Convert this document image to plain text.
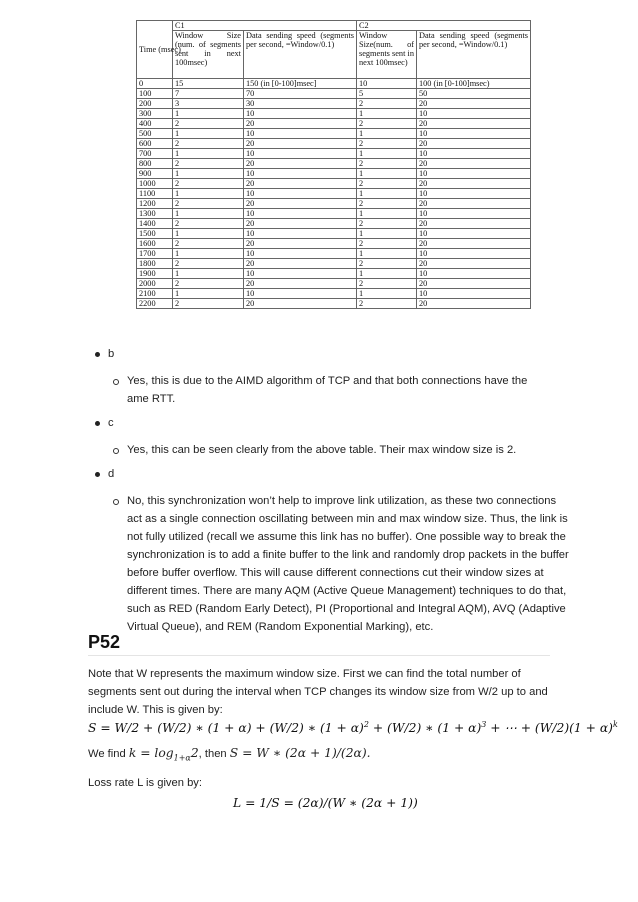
Time (msec)	C1		C2	
	Window Size (num. of segments sent in next 100msec)	Data sending speed (segments per second, =Window/0.1)	Window Size(num. of segments sent in next 100msec)	Data sending speed (segments per second, =Window/0.1)
0	15	150 (in [0-100]msec]	10	100 (in [0-100]msec)
100	7	70	5	50
200	3	30	2	20
300	1	10	1	10
400	2	20	2	20
500	1	10	1	10
600	2	20	2	20
700	1	10	1	10
800	2	20	2	20
900	1	10	1	10
1000	2	20	2	20
1100	1	10	1	10
1200	2	20	2	20
1300	1	10	1	10
1400	2	20	2	20
1500	1	10	1	10
1600	2	20	2	20
1700	1	10	1	10
1800	2	20	2	20
1900	1	10	1	10
2000	2	20	2	20
2100	1	10	1	10
2200	2	20	2	20
b
Yes, this is due to the AIMD algorithm of TCP and that both connections have the ame RTT.
c
Yes, this can be seen clearly from the above table. Their max window size is 2.
d
No, this synchronization won’t help to improve link utilization, as these two connections act as a single connection oscillating between min and max window size. Thus, the link is not fully utilized (recall we assume this link has no buffer). One possible way to break the synchronization is to add a finite buffer to the link and randomly drop packets in the buffer before buffer overflow. This will cause different connections cut their window sizes at different times. There are many AQM (Active Queue Management) techniques to do that, such as RED (Random Early Detect), PI (Proportional and Integral AQM), AVQ (Adaptive Virtual Queue), and REM (Random Exponential Marking), etc.
P52

Note that W represents the maximum window size. First we can find the total number of segments sent out during the interval when TCP changes its window size from W/2 up to and include W. This is given by:

S = W/2 + (W/2) ∗ (1 + α) + (W/2) ∗ $(1 + \alpha)^2 + (W/2)$ ∗ $(1 + \alpha)^3$ + ⋯ + $(W/2)(1 + \alpha)^k$

We find $k = \log_{1+\alpha}2$, then S = W ∗ (2α + 1)/(2α).

Loss rate L is given by:

L = 1/S = (2α)/(W ∗ (2α + 1))
